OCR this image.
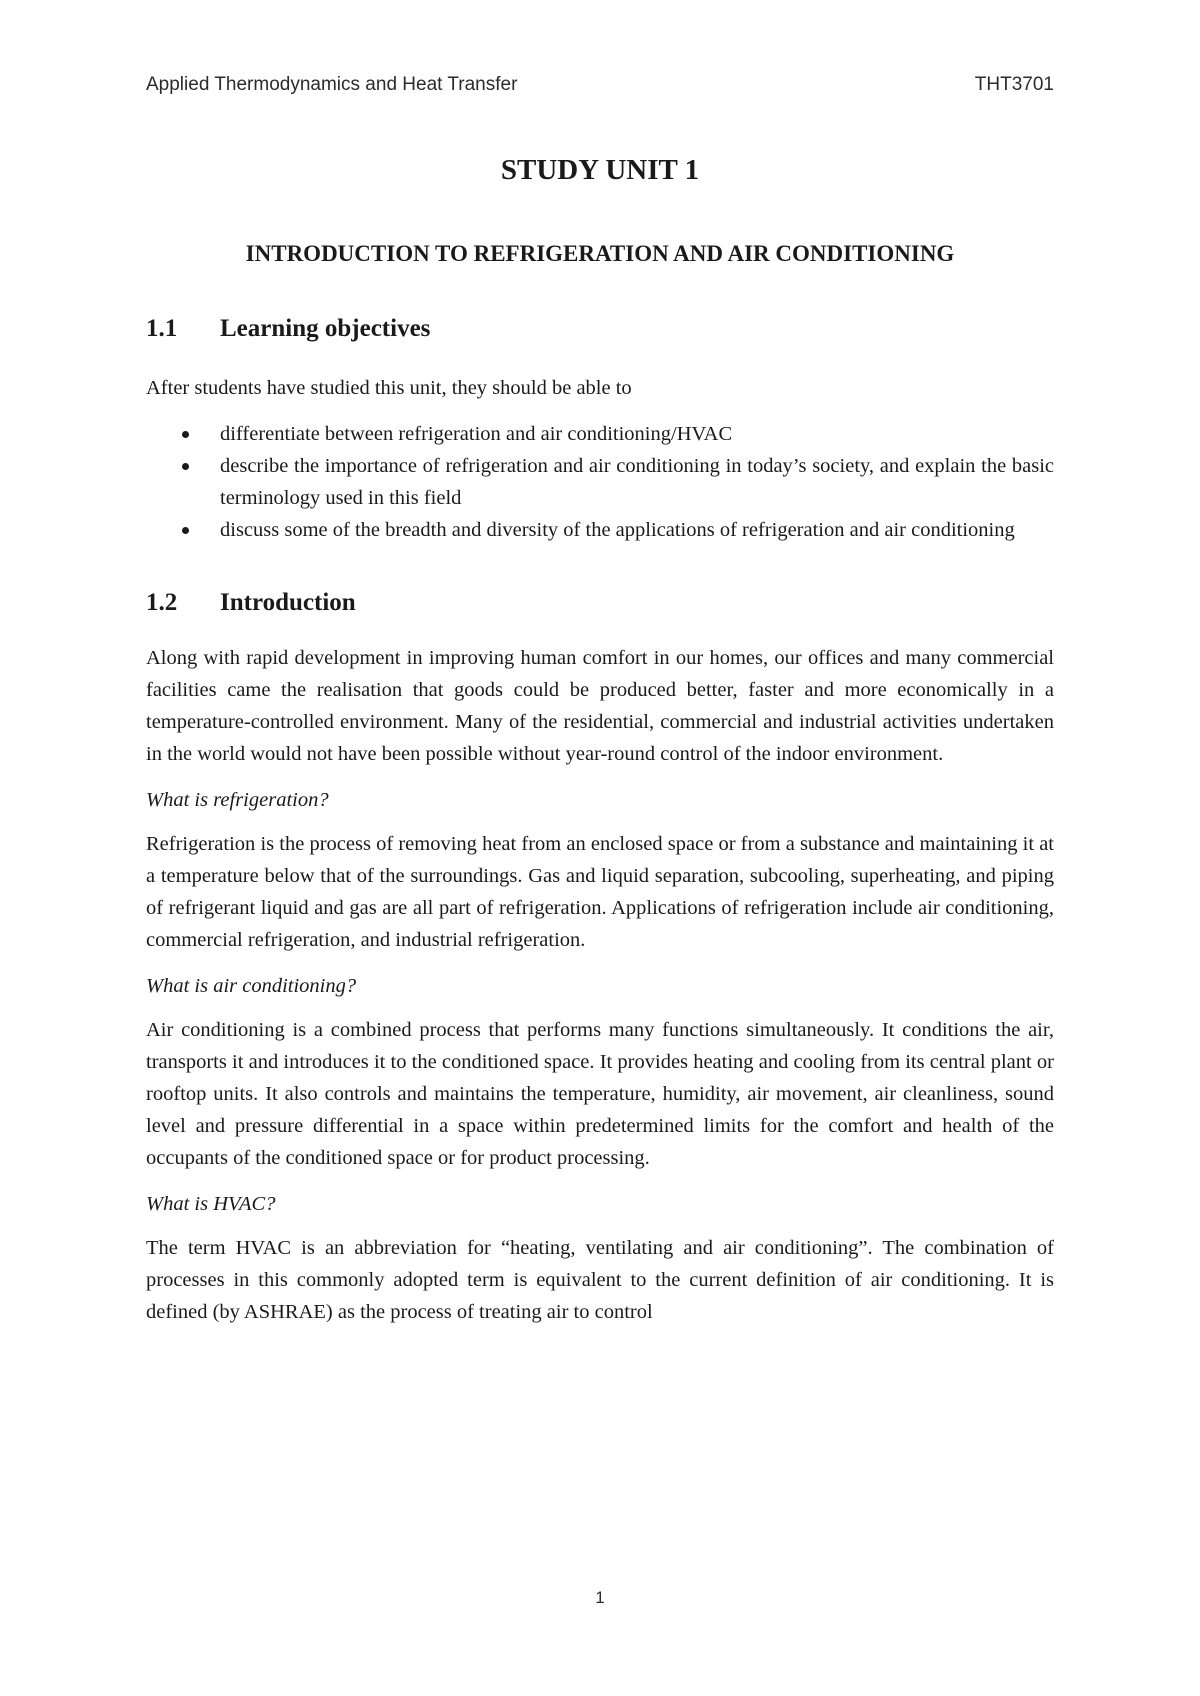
Applied Thermodynamics and Heat Transfer	THT3701
STUDY UNIT 1
INTRODUCTION TO REFRIGERATION AND AIR CONDITIONING
1.1 Learning objectives

After students have studied this unit, they should be able to

differentiate between refrigeration and air conditioning/HVAC
describe the importance of refrigeration and air conditioning in today’s society, and explain the basic terminology used in this field
discuss some of the breadth and diversity of the applications of refrigeration and air conditioning
1.2 Introduction

Along with rapid development in improving human comfort in our homes, our offices and many commercial facilities came the realisation that goods could be produced better, faster and more economically in a temperature-controlled environment. Many of the residential, commercial and industrial activities undertaken in the world would not have been possible without year-round control of the indoor environment.

What is refrigeration?

Refrigeration is the process of removing heat from an enclosed space or from a substance and maintaining it at a temperature below that of the surroundings. Gas and liquid separation, subcooling, superheating, and piping of refrigerant liquid and gas are all part of refrigeration. Applications of refrigeration include air conditioning, commercial refrigeration, and industrial refrigeration.

What is air conditioning?

Air conditioning is a combined process that performs many functions simultaneously. It conditions the air, transports it and introduces it to the conditioned space. It provides heating and cooling from its central plant or rooftop units. It also controls and maintains the temperature, humidity, air movement, air cleanliness, sound level and pressure differential in a space within predetermined limits for the comfort and health of the occupants of the conditioned space or for product processing.

What is HVAC?

The term HVAC is an abbreviation for “heating, ventilating and air conditioning”. The combination of processes in this commonly adopted term is equivalent to the current definition of air conditioning. It is defined (by ASHRAE) as the process of treating air to control

1
